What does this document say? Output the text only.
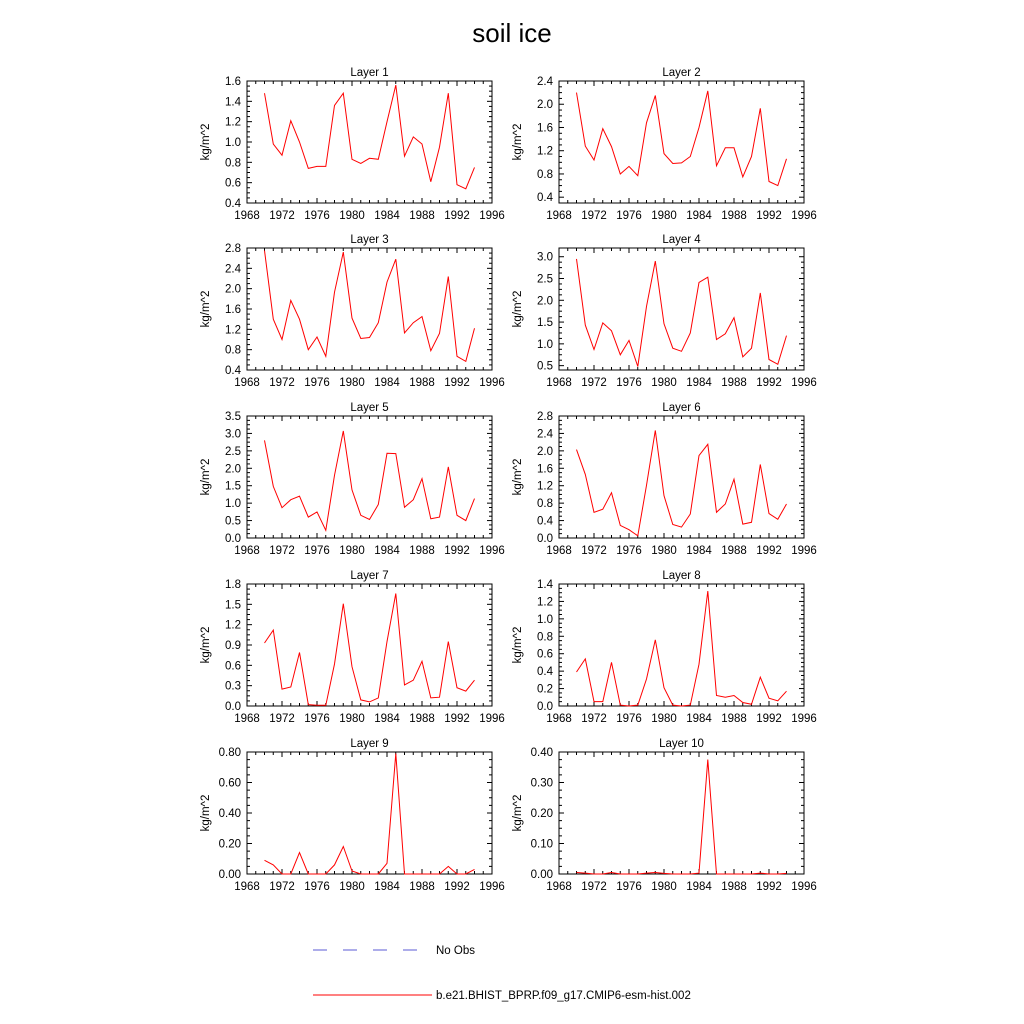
soil ice
Layer 1
kg/m^2
1968 1972 1976 1980 1984 1988 1992 1996
0.4
0.6
0.8
1.0
1.2
1.4
1.6
Layer 2
kg/m^2
1968 1972 1976 1980 1984 1988 1992 1996
0.4
0.8
1.2
1.6
2.0
2.4
Layer 3
kg/m^2
1968 1972 1976 1980 1984 1988 1992 1996
0.4
0.8
1.2
1.6
2.0
2.4
2.8
Layer 4
kg/m^2
1968 1972 1976 1980 1984 1988 1992 1996
0.5
1.0
1.5
2.0
2.5
3.0
Layer 5
kg/m^2
1968 1972 1976 1980 1984 1988 1992 1996
0.0
0.5
1.0
1.5
2.0
2.5
3.0
3.5
Layer 6
kg/m^2
1968 1972 1976 1980 1984 1988 1992 1996
0.0
0.4
0.8
1.2
1.6
2.0
2.4
2.8
Layer 7
kg/m^2
1968 1972 1976 1980 1984 1988 1992 1996
0.0
0.3
0.6
0.9
1.2
1.5
1.8
Layer 8
kg/m^2
1968 1972 1976 1980 1984 1988 1992 1996
0.0
0.2
0.4
0.6
0.8
1.0
1.2
1.4
Layer 9
kg/m^2
1968 1972 1976 1980 1984 1988 1992 1996
0.00
0.20
0.40
0.60
0.80
Layer 10
kg/m^2
1968 1972 1976 1980 1984 1988 1992 1996
0.00
0.10
0.20
0.30
0.40
No Obs
b.e21.BHIST_BPRP.f09_g17.CMIP6-esm-hist.002
